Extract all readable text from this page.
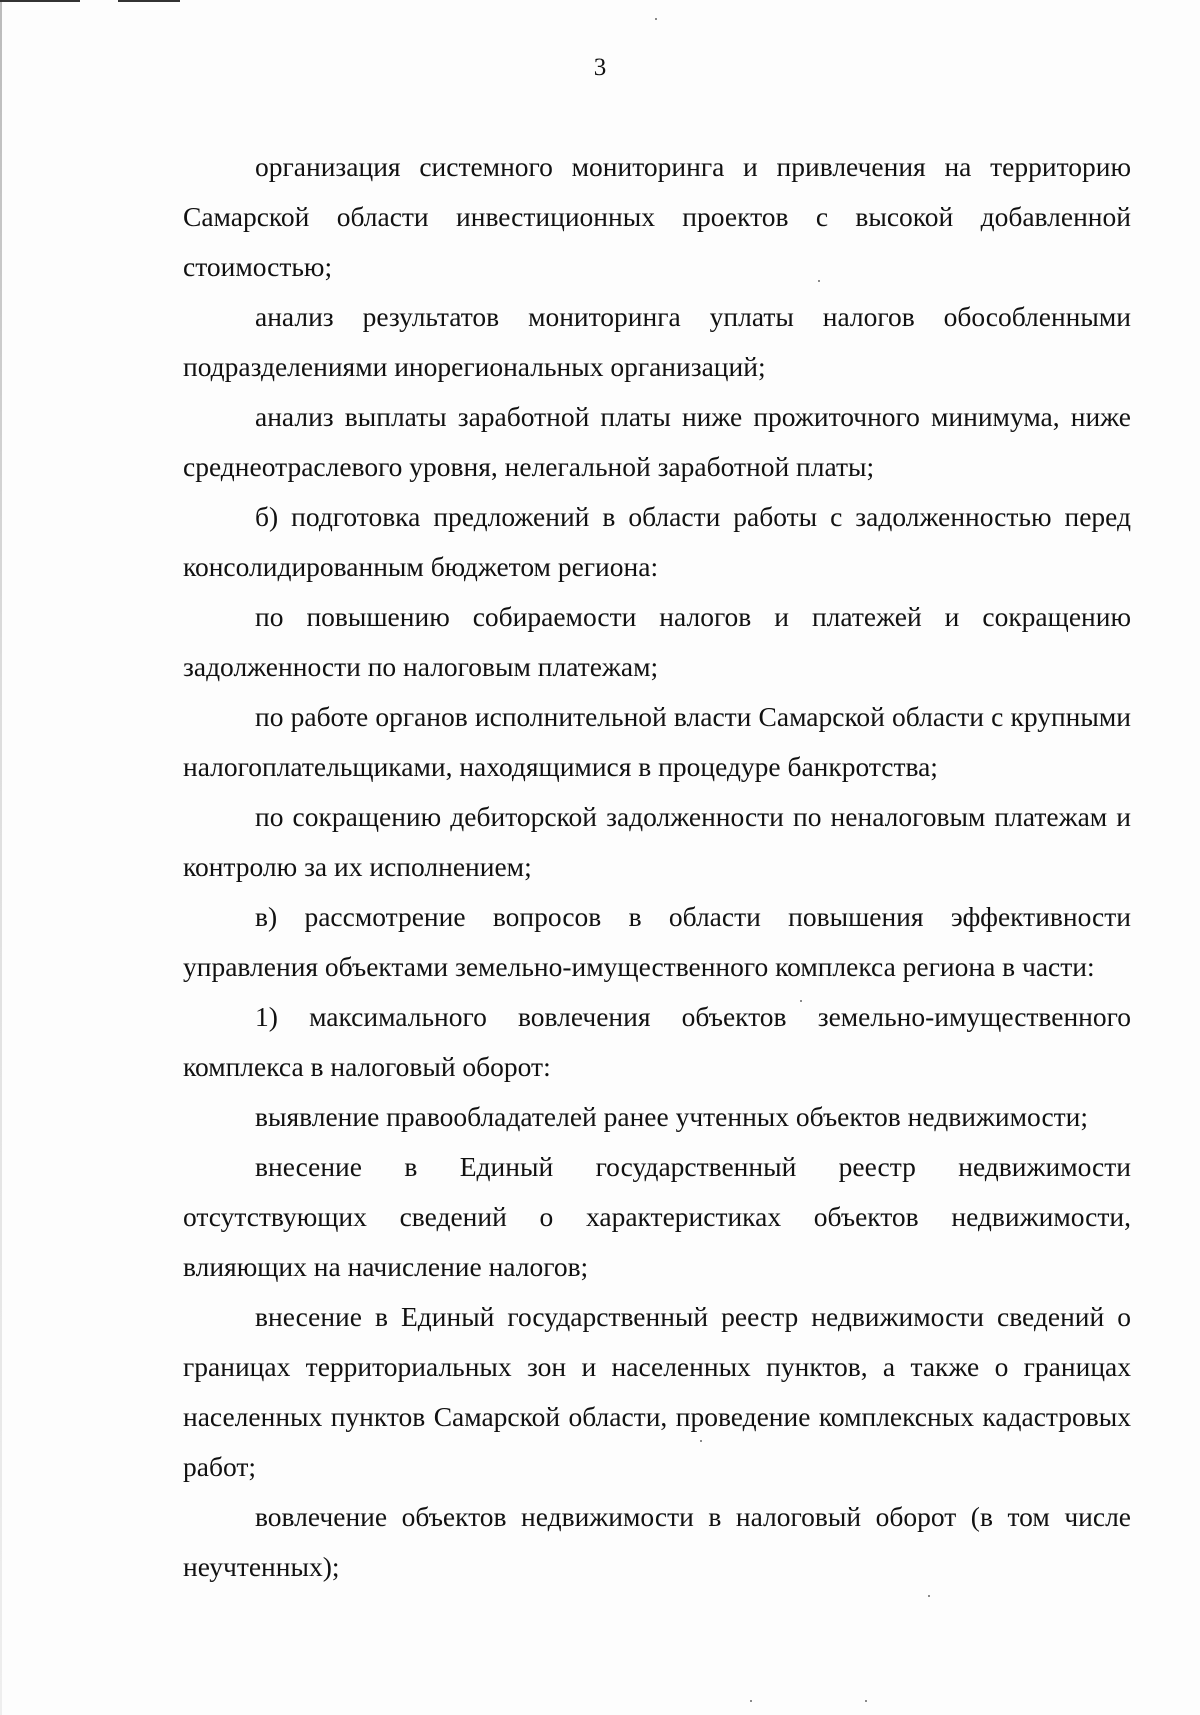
3

организация системного мониторинга и привлечения на территорию Самарской области инвестиционных проектов с высокой добавленной стоимостью;

анализ результатов мониторинга уплаты налогов обособленными подразделениями инорегиональных организаций;

анализ выплаты заработной платы ниже прожиточного минимума, ниже среднеотраслевого уровня, нелегальной заработной платы;

б) подготовка предложений в области работы с задолженностью перед консолидированным бюджетом региона:

по повышению собираемости налогов и платежей и сокращению задолженности по налоговым платежам;

по работе органов исполнительной власти Самарской области с крупными налогоплательщиками, находящимися в процедуре банкротства;

по сокращению дебиторской задолженности по неналоговым платежам и контролю за их исполнением;

в) рассмотрение вопросов в области повышения эффективности управления объектами земельно-имущественного комплекса региона в части:

1) максимального вовлечения объектов земельно-имущественного комплекса в налоговый оборот:

выявление правообладателей ранее учтенных объектов недвижимости;

внесение в Единый государственный реестр недвижимости отсутствующих сведений о характеристиках объектов недвижимости, влияющих на начисление налогов;

внесение в Единый государственный реестр недвижимости сведений о границах территориальных зон и населенных пунктов, а также о границах населенных пунктов Самарской области, проведение комплексных кадастровых работ;

вовлечение объектов недвижимости в налоговый оборот (в том числе неучтенных);
